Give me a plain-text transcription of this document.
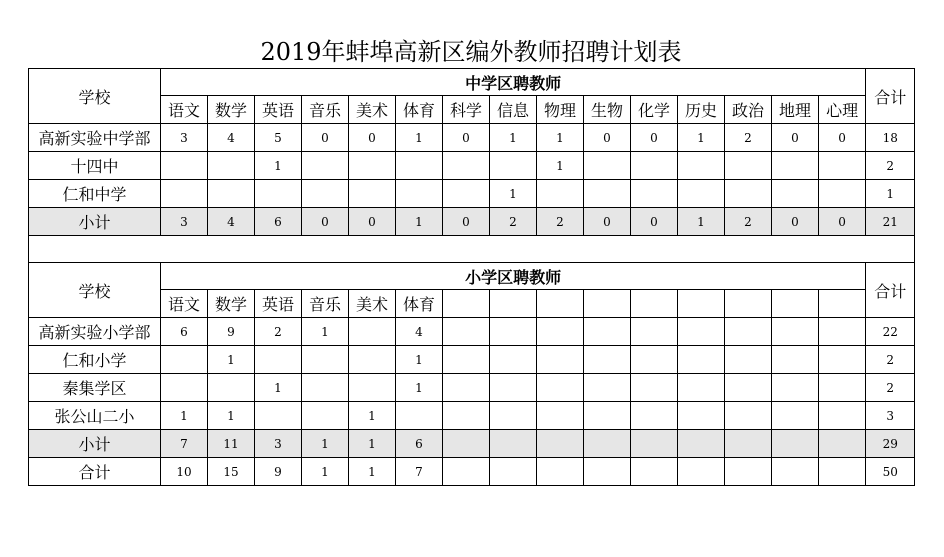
2019年蚌埠高新区编外教师招聘计划表
学校	中学区聘教师															合计
	语文	数学	英语	音乐	美术	体育	科学	信息	物理	生物	化学	历史	政治	地理	心理	
高新实验中学部	3	4	5	0	0	1	0	1	1	0	0	1	2	0	0	18
十四中			1						1							2
仁和中学								1								1
小计	3	4	6	0	0	1	0	2	2	0	0	1	2	0	0	21

学校	小学区聘教师															合计
	语文	数学	英语	音乐	美术	体育										
高新实验小学部	6	9	2	1		4										22
仁和小学		1				1										2
秦集学区			1			1										2
张公山二小	1	1			1											3
小计	7	11	3	1	1	6										29
合计	10	15	9	1	1	7										50
